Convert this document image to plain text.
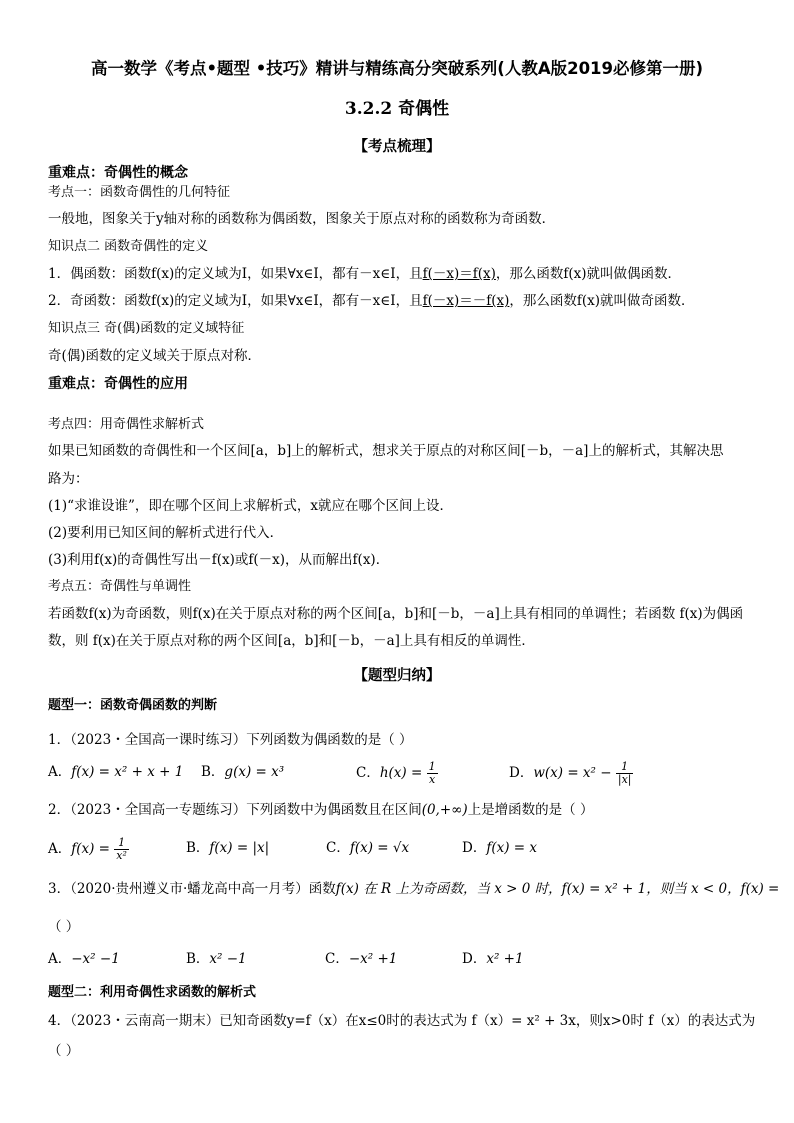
高一数学《考点•题型 •技巧》精讲与精练高分突破系列(人教A版2019必修第一册)
3.2.2 奇偶性
【考点梳理】
重难点：奇偶性的概念
考点一：函数奇偶性的几何特征
一般地，图象关于y轴对称的函数称为偶函数，图象关于原点对称的函数称为奇函数．
知识点二 函数奇偶性的定义
1．偶函数：函数f(x)的定义域为I，如果∀x∈I，都有－x∈I，且f(－x)＝f(x)，那么函数f(x)就叫做偶函数．
2．奇函数：函数f(x)的定义域为I，如果∀x∈I，都有－x∈I，且f(－x)＝－f(x)，那么函数f(x)就叫做奇函数．
知识点三 奇(偶)函数的定义域特征
奇(偶)函数的定义域关于原点对称．
重难点：奇偶性的应用
考点四：用奇偶性求解析式
如果已知函数的奇偶性和一个区间[a，b]上的解析式，想求关于原点的对称区间[－b，－a]上的解析式，其解决思
路为：
(1)“求谁设谁”，即在哪个区间上求解析式，x就应在哪个区间上设．
(2)要利用已知区间的解析式进行代入．
(3)利用f(x)的奇偶性写出－f(x)或f(－x)，从而解出f(x)．
考点五：奇偶性与单调性
若函数f(x)为奇函数，则f(x)在关于原点对称的两个区间[a，b]和[－b，－a]上具有相同的单调性；若函数 f(x)为偶函
数，则 f(x)在关于原点对称的两个区间[a，b]和[－b，－a]上具有相反的单调性．
【题型归纳】
题型一：函数奇偶函数的判断
1．（2023・全国高一课时练习）下列函数为偶函数的是（ ）
A．f(x) = x² + x + 1 B．g(x) = x³	C．$h(x) = \frac{1}{x}$	D．$w(x) = x^2 - \frac{1}{|x|}$
2．（2023・全国高一专题练习）下列函数中为偶函数且在区间(0,+∞)上是增函数的是（ ）
A．$f(x) = \frac{1}{\text{x²}}$	B．f(x) = |x|	C．f(x) = √x	D．f(x) = x
3．（2020·贵州遵义市·蟠龙高中高一月考）函数f(x) 在 R 上为奇函数，当 x > 0 时，f(x) = x² + 1，则当 x < 0，f(x) =
（ ）
A．−x² −1	B．x² −1	C．−x² +1	D．x² +1
题型二：利用奇偶性求函数的解析式
4．（2023・云南高一期末）已知奇函数y=f（x）在x≤0时的表达式为 f（x）= x² + 3x，则x>0时 f（x）的表达式为
（ ）
